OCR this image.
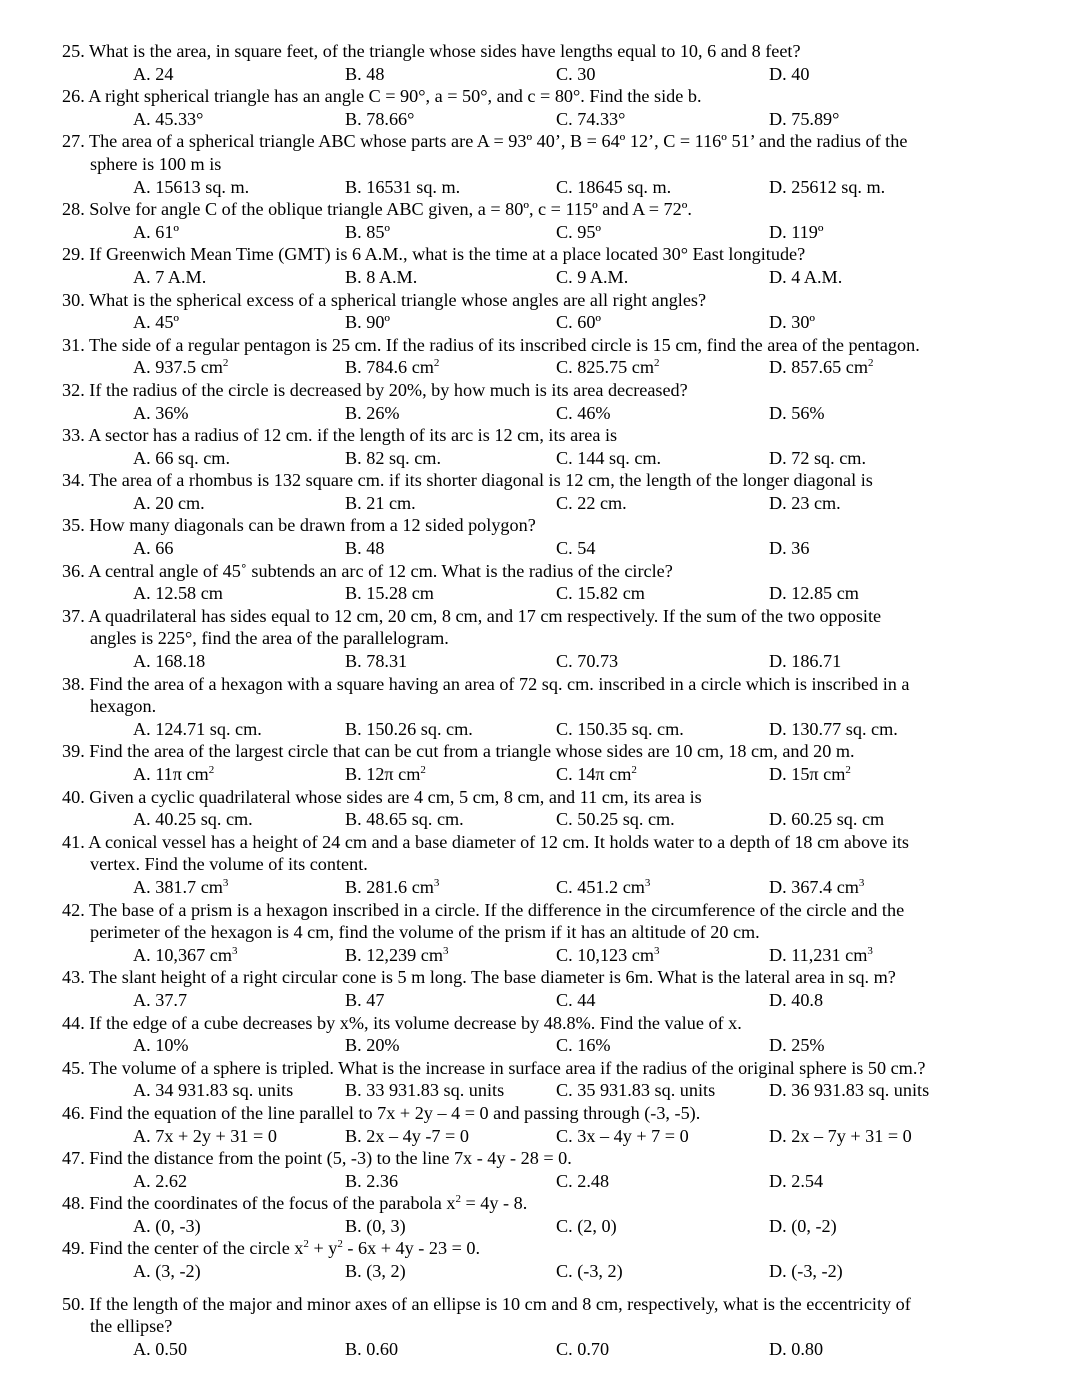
25. What is the area, in square feet, of the triangle whose sides have lengths equal to 10, 6 and 8 feet?
A. 24	B. 48	C. 30	D. 40
26. A right spherical triangle has an angle C = 90°, a = 50°, and c = 80°. Find the side b.
A. 45.33°	B. 78.66°	C. 74.33°	D. 75.89°
27. The area of a spherical triangle ABC whose parts are A = 93º 40’, B = 64º 12’, C = 116º 51’ and the radius of the
sphere is 100 m is
A. 15613 sq. m.	B. 16531 sq. m.	C. 18645 sq. m.	D. 25612 sq. m.
28. Solve for angle C of the oblique triangle ABC given, a = 80º, c = 115º and A = 72º.
A. 61º	B. 85º	C. 95º	D. 119º
29. If Greenwich Mean Time (GMT) is 6 A.M., what is the time at a place located 30° East longitude?
A. 7 A.M.	B. 8 A.M.	C. 9 A.M.	D. 4 A.M.
30. What is the spherical excess of a spherical triangle whose angles are all right angles?
A. 45º	B. 90º	C. 60º	D. 30º
31. The side of a regular pentagon is 25 cm. If the radius of its inscribed circle is 15 cm, find the area of the pentagon.
A. 937.5 $cm^2$	B. 784.6 $cm^2$	C. 825.75 $cm^2$	D. 857.65 $cm^2$
32. If the radius of the circle is decreased by 20%, by how much is its area decreased?
A. 36%	B. 26%	C. 46%	D. 56%
33. A sector has a radius of 12 cm. if the length of its arc is 12 cm, its area is
A. 66 sq. cm.	B. 82 sq. cm.	C. 144 sq. cm.	D. 72 sq. cm.
34. The area of a rhombus is 132 square cm. if its shorter diagonal is 12 cm, the length of the longer diagonal is
A. 20 cm.	B. 21 cm.	C. 22 cm.	D. 23 cm.
35. How many diagonals can be drawn from a 12 sided polygon?
A. 66	B. 48	C. 54	D. 36
36. A central angle of 45˚ subtends an arc of 12 cm. What is the radius of the circle?
A. 12.58 cm	B. 15.28 cm	C. 15.82 cm	D. 12.85 cm
37. A quadrilateral has sides equal to 12 cm, 20 cm, 8 cm, and 17 cm respectively. If the sum of the two opposite
angles is 225°, find the area of the parallelogram.
A. 168.18	B. 78.31	C. 70.73	D. 186.71
38. Find the area of a hexagon with a square having an area of 72 sq. cm. inscribed in a circle which is inscribed in a
hexagon.
A. 124.71 sq. cm.	B. 150.26 sq. cm.	C. 150.35 sq. cm.	D. 130.77 sq. cm.
39. Find the area of the largest circle that can be cut from a triangle whose sides are 10 cm, 18 cm, and 20 m.
A. 11π $cm^2$	B. 12π $cm^2$	C. 14π $cm^2$	D. 15π $cm^2$
40. Given a cyclic quadrilateral whose sides are 4 cm, 5 cm, 8 cm, and 11 cm, its area is
A. 40.25 sq. cm.	B. 48.65 sq. cm.	C. 50.25 sq. cm.	D. 60.25 sq. cm
41. A conical vessel has a height of 24 cm and a base diameter of 12 cm. It holds water to a depth of 18 cm above its
vertex. Find the volume of its content.
A. 381.7 $cm^3$	B. 281.6 $cm^3$	C. 451.2 $cm^3$	D. 367.4 $cm^3$
42. The base of a prism is a hexagon inscribed in a circle. If the difference in the circumference of the circle and the
perimeter of the hexagon is 4 cm, find the volume of the prism if it has an altitude of 20 cm.
A. 10,367 $cm^3$	B. 12,239 $cm^3$	C. 10,123 $cm^3$	D. 11,231 $cm^3$
43. The slant height of a right circular cone is 5 m long. The base diameter is 6m. What is the lateral area in sq. m?
A. 37.7	B. 47	C. 44	D. 40.8
44. If the edge of a cube decreases by x%, its volume decrease by 48.8%. Find the value of x.
A. 10%	B. 20%	C. 16%	D. 25%
45. The volume of a sphere is tripled. What is the increase in surface area if the radius of the original sphere is 50 cm.?
A. 34 931.83 sq. units	B. 33 931.83 sq. units	C. 35 931.83 sq. units	D. 36 931.83 sq. units
46. Find the equation of the line parallel to 7x + 2y – 4 = 0 and passing through (-3, -5).
A. 7x + 2y + 31 = 0	B. 2x – 4y -7 = 0	C. 3x – 4y + 7 = 0	D. 2x – 7y + 31 = 0
47. Find the distance from the point (5, -3) to the line 7x - 4y - 28 = 0.
A. 2.62	B. 2.36	C. 2.48	D. 2.54
48. Find the coordinates of the focus of the parabola $x^2 = 4y - 8$.
A. (0, -3)	B. (0, 3)	C. (2, 0)	D. (0, -2)
49. Find the center of the circle $x^2 + y^2 - 6x + 4y - 23 = 0$.
A. (3, -2)	B. (3, 2)	C. (-3, 2)	D. (-3, -2)
50. If the length of the major and minor axes of an ellipse is 10 cm and 8 cm, respectively, what is the eccentricity of
the ellipse?
A. 0.50	B. 0.60	C. 0.70	D. 0.80
